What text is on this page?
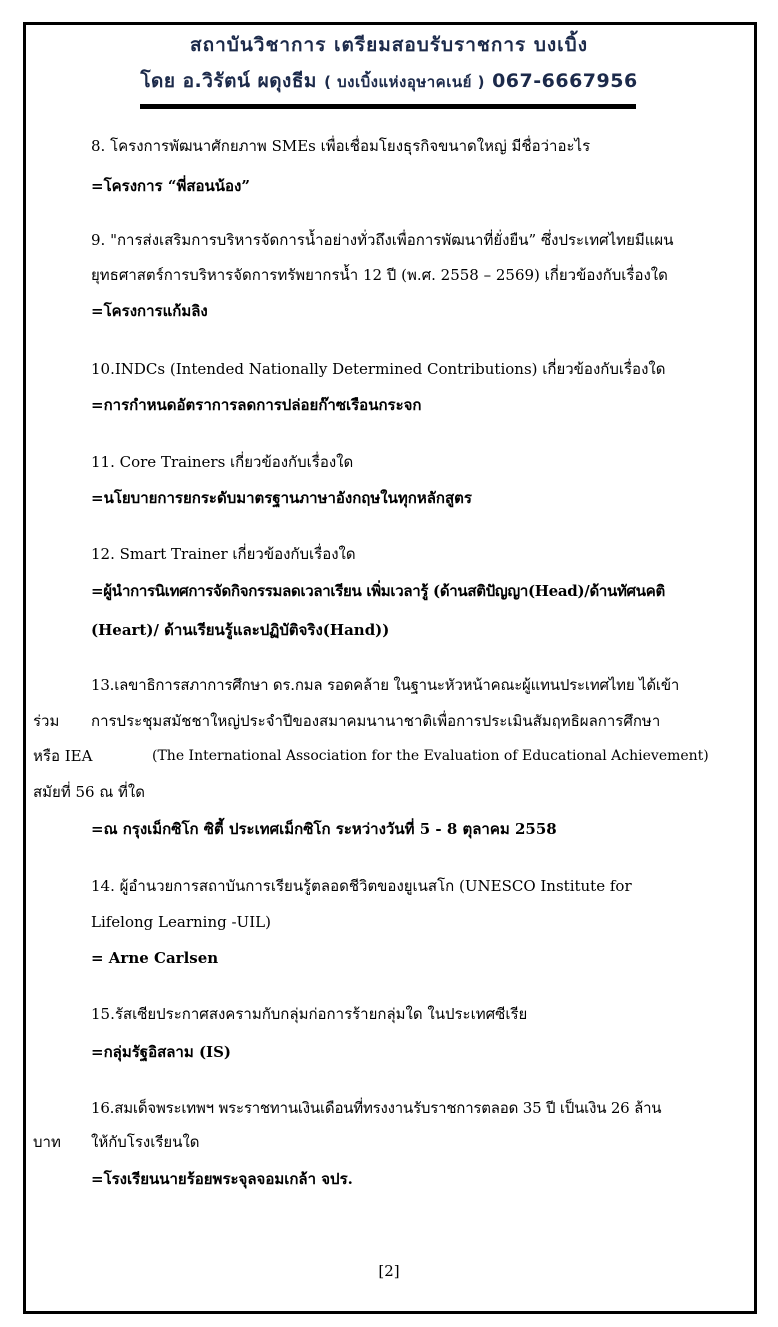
สถาบันวิชาการ เตรียมสอบรับราชการ บงเบิ้ง
โดย อ.วิรัตน์ ผดุงธีม ( บงเบิ้งแห่งอุษาคเนย์ ) 067-6667956
8. โครงการพัฒนาศักยภาพ SMEs เพื่อเชื่อมโยงธุรกิจขนาดใหญ่ มีชื่อว่าอะไร
=โครงการ “พี่สอนน้อง”
9. "การส่งเสริมการบริหารจัดการน้ำอย่างทั่วถึงเพื่อการพัฒนาที่ยั่งยืน” ซึ่งประเทศไทยมีแผน
ยุทธศาสตร์การบริหารจัดการทรัพยากรน้ำ 12 ปี (พ.ศ. 2558 – 2569) เกี่ยวข้องกับเรื่องใด
=โครงการแก้มลิง
10.INDCs (Intended Nationally Determined Contributions) เกี่ยวข้องกับเรื่องใด
=การกำหนดอัตราการลดการปล่อยก๊าซเรือนกระจก
11. Core Trainers เกี่ยวข้องกับเรื่องใด
=นโยบายการยกระดับมาตรฐานภาษาอังกฤษในทุกหลักสูตร
12. Smart Trainer เกี่ยวข้องกับเรื่องใด
=ผู้นำการนิเทศการจัดกิจกรรมลดเวลาเรียน เพิ่มเวลารู้ (ด้านสติปัญญา(Head)/ด้านทัศนคติ
(Heart)/ ด้านเรียนรู้และปฏิบัติจริง(Hand))
13.เลขาธิการสภาการศึกษา ดร.กมล รอดคล้าย ในฐานะหัวหน้าคณะผู้แทนประเทศไทย ได้เข้า
ร่วม การประชุมสมัชชาใหญ่ประจำปีของสมาคมนานาชาติเพื่อการประเมินสัมฤทธิผลการศึกษา
หรือ IEA	(The International Association for the Evaluation of Educational Achievement)
สมัยที่ 56 ณ ที่ใด
=ณ กรุงเม็กซิโก ซิตี้ ประเทศเม็กซิโก ระหว่างวันที่ 5 - 8 ตุลาคม 2558
14. ผู้อำนวยการสถาบันการเรียนรู้ตลอดชีวิตของยูเนสโก (UNESCO Institute for
Lifelong Learning -UIL)
= Arne Carlsen
15.รัสเซียประกาศสงครามกับกลุ่มก่อการร้ายกลุ่มใด ในประเทศซีเรีย
=กลุ่มรัฐอิสลาม (IS)
16.สมเด็จพระเทพฯ พระราชทานเงินเดือนที่ทรงงานรับราชการตลอด 35 ปี เป็นเงิน 26 ล้าน
บาท ให้กับโรงเรียนใด
=โรงเรียนนายร้อยพระจุลจอมเกล้า จปร.
[2]
